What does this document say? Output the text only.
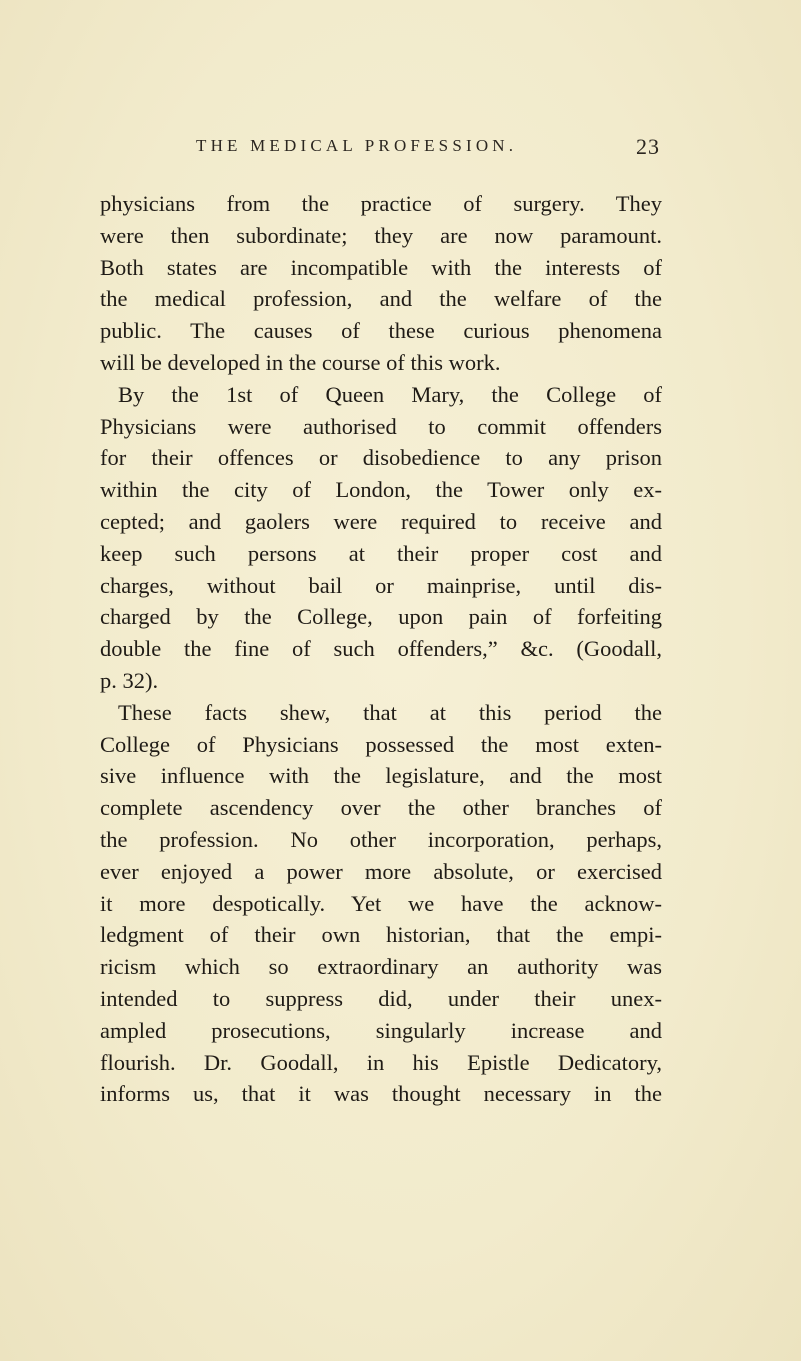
THE MEDICAL PROFESSION.	23
physicians from the practice of surgery. They
were then subordinate; they are now paramount.
Both states are incompatible with the interests of
the medical profession, and the welfare of the
public. The causes of these curious phenomena
will be developed in the course of this work.
By the 1st of Queen Mary, the College of
Physicians were authorised to commit offenders
for their offences or disobedience to any prison
within the city of London, the Tower only ex-
cepted; and gaolers were required to receive and
keep such persons at their proper cost and
charges, without bail or mainprise, until dis-
charged by the College, upon pain of forfeiting
double the fine of such offenders,” &c. (Goodall,
p. 32).
These facts shew, that at this period the
College of Physicians possessed the most exten-
sive influence with the legislature, and the most
complete ascendency over the other branches of
the profession. No other incorporation, perhaps,
ever enjoyed a power more absolute, or exercised
it more despotically. Yet we have the acknow-
ledgment of their own historian, that the empi-
ricism which so extraordinary an authority was
intended to suppress did, under their unex-
ampled prosecutions, singularly increase and
flourish. Dr. Goodall, in his Epistle Dedicatory,
informs us, that it was thought necessary in the
